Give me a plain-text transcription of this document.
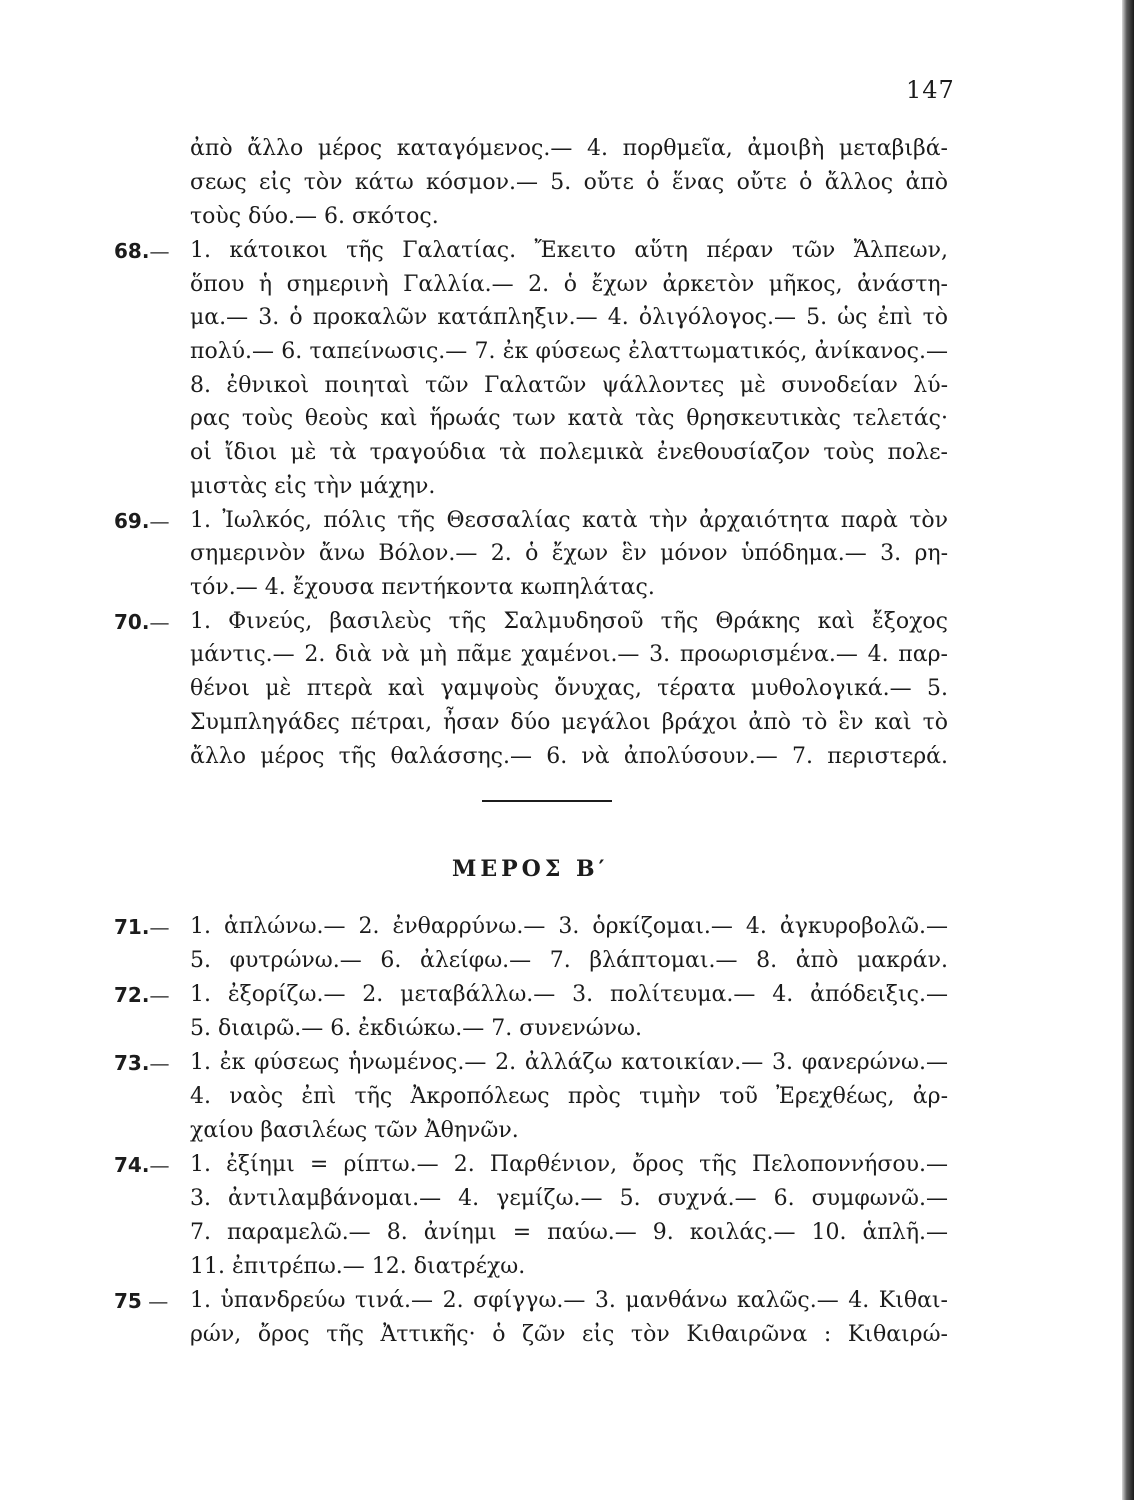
147
ἀπὸ ἄλλο μέρος καταγόμενος.— 4. πορθμεῖα, ἀμοιβὴ μεταβιβά-
σεως εἰς τὸν κάτω κόσμον.— 5. οὔτε ὁ ἕνας οὔτε ὁ ἄλλος ἀπὸ
τοὺς δύο.— 6. σκότος.
68.— 1. κάτοικοι τῆς Γαλατίας. Ἔκειτο αὕτη πέραν τῶν Ἄλπεων,
ὅπου ἡ σημερινὴ Γαλλία.— 2. ὁ ἔχων ἀρκετὸν μῆκος, ἀνάστη-
μα.— 3. ὁ προκαλῶν κατάπληξιν.— 4. ὀλιγόλογος.— 5. ὡς ἐπὶ τὸ
πολύ.— 6. ταπείνωσις.— 7. ἐκ φύσεως ἐλαττωματικός, ἀνίκανος.—
8. ἐθνικοὶ ποιηταὶ τῶν Γαλατῶν ψάλλοντες μὲ συνοδείαν λύ-
ρας τοὺς θεοὺς καὶ ἥρωάς των κατὰ τὰς θρησκευτικὰς τελετάς·
οἱ ἴδιοι μὲ τὰ τραγούδια τὰ πολεμικὰ ἐνεθουσίαζον τοὺς πολε-
μιστὰς εἰς τὴν μάχην.
69.— 1. Ἰωλκός, πόλις τῆς Θεσσαλίας κατὰ τὴν ἀρχαιότητα παρὰ τὸν
σημερινὸν ἄνω Βόλον.— 2. ὁ ἔχων ἓν μόνον ὑπόδημα.— 3. ρη-
τόν.— 4. ἔχουσα πεντήκοντα κωπηλάτας.
70.— 1. Φινεύς, βασιλεὺς τῆς Σαλμυδησοῦ τῆς Θράκης καὶ ἔξοχος
μάντις.— 2. διὰ νὰ μὴ πᾶμε χαμένοι.— 3. προωρισμένα.— 4. παρ-
θένοι μὲ πτερὰ καὶ γαμψοὺς ὄνυχας, τέρατα μυθολογικά.— 5.
Συμπληγάδες πέτραι, ἦσαν δύο μεγάλοι βράχοι ἀπὸ τὸ ἓν καὶ τὸ
ἄλλο μέρος τῆς θαλάσσης.— 6. νὰ ἀπολύσουν.— 7. περιστερά.
ΜΕΡΟΣ Β′
71.— 1. ἁπλώνω.— 2. ἐνθαρρύνω.— 3. ὁρκίζομαι.— 4. ἀγκυροβολῶ.—
5. φυτρώνω.— 6. ἀλείφω.— 7. βλάπτομαι.— 8. ἀπὸ μακράν.
72.— 1. ἐξορίζω.— 2. μεταβάλλω.— 3. πολίτευμα.— 4. ἀπόδειξις.—
5. διαιρῶ.— 6. ἐκδιώκω.— 7. συνενώνω.
73.— 1. ἐκ φύσεως ἡνωμένος.— 2. ἀλλάζω κατοικίαν.— 3. φανερώνω.—
4. ναὸς ἐπὶ τῆς Ἀκροπόλεως πρὸς τιμὴν τοῦ Ἐρεχθέως, ἀρ-
χαίου βασιλέως τῶν Ἀθηνῶν.
74.— 1. ἐξίημι = ρίπτω.— 2. Παρθένιον, ὄρος τῆς Πελοποννήσου.—
3. ἀντιλαμβάνομαι.— 4. γεμίζω.— 5. συχνά.— 6. συμφωνῶ.—
7. παραμελῶ.— 8. ἀνίημι = παύω.— 9. κοιλάς.— 10. ἁπλῆ.—
11. ἐπιτρέπω.— 12. διατρέχω.
75 — 1. ὑπανδρεύω τινά.— 2. σφίγγω.— 3. μανθάνω καλῶς.— 4. Κιθαι-
ρών, ὄρος τῆς Ἀττικῆς· ὁ ζῶν εἰς τὸν Κιθαιρῶνα : Κιθαιρώ-
